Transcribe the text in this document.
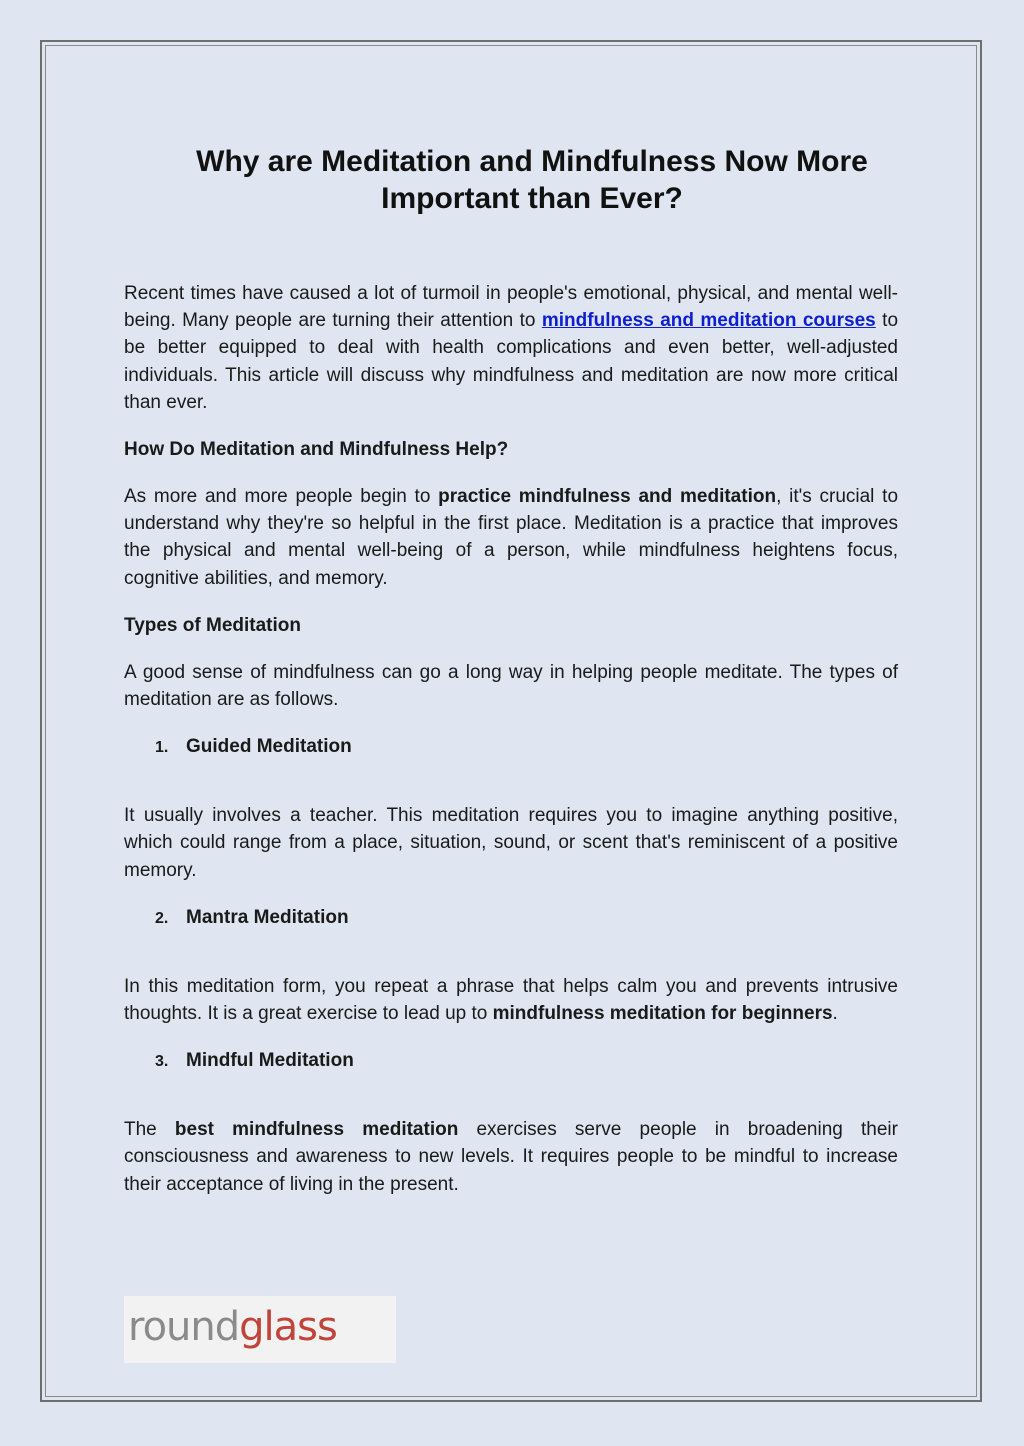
Why are Meditation and Mindfulness Now More Important than Ever?

Recent times have caused a lot of turmoil in people's emotional, physical, and mental well-being. Many people are turning their attention to mindfulness and meditation courses to be better equipped to deal with health complications and even better, well-adjusted individuals. This article will discuss why mindfulness and meditation are now more critical than ever.

How Do Meditation and Mindfulness Help?

As more and more people begin to practice mindfulness and meditation, it's crucial to understand why they're so helpful in the first place. Meditation is a practice that improves the physical and mental well-being of a person, while mindfulness heightens focus, cognitive abilities, and memory.

Types of Meditation

A good sense of mindfulness can go a long way in helping people meditate. The types of meditation are as follows.

1. Guided Meditation

It usually involves a teacher. This meditation requires you to imagine anything positive, which could range from a place, situation, sound, or scent that's reminiscent of a positive memory.

2. Mantra Meditation

In this meditation form, you repeat a phrase that helps calm you and prevents intrusive thoughts. It is a great exercise to lead up to mindfulness meditation for beginners.

3. Mindful Meditation

The best mindfulness meditation exercises serve people in broadening their consciousness and awareness to new levels. It requires people to be mindful to increase their acceptance of living in the present.

roundglass
